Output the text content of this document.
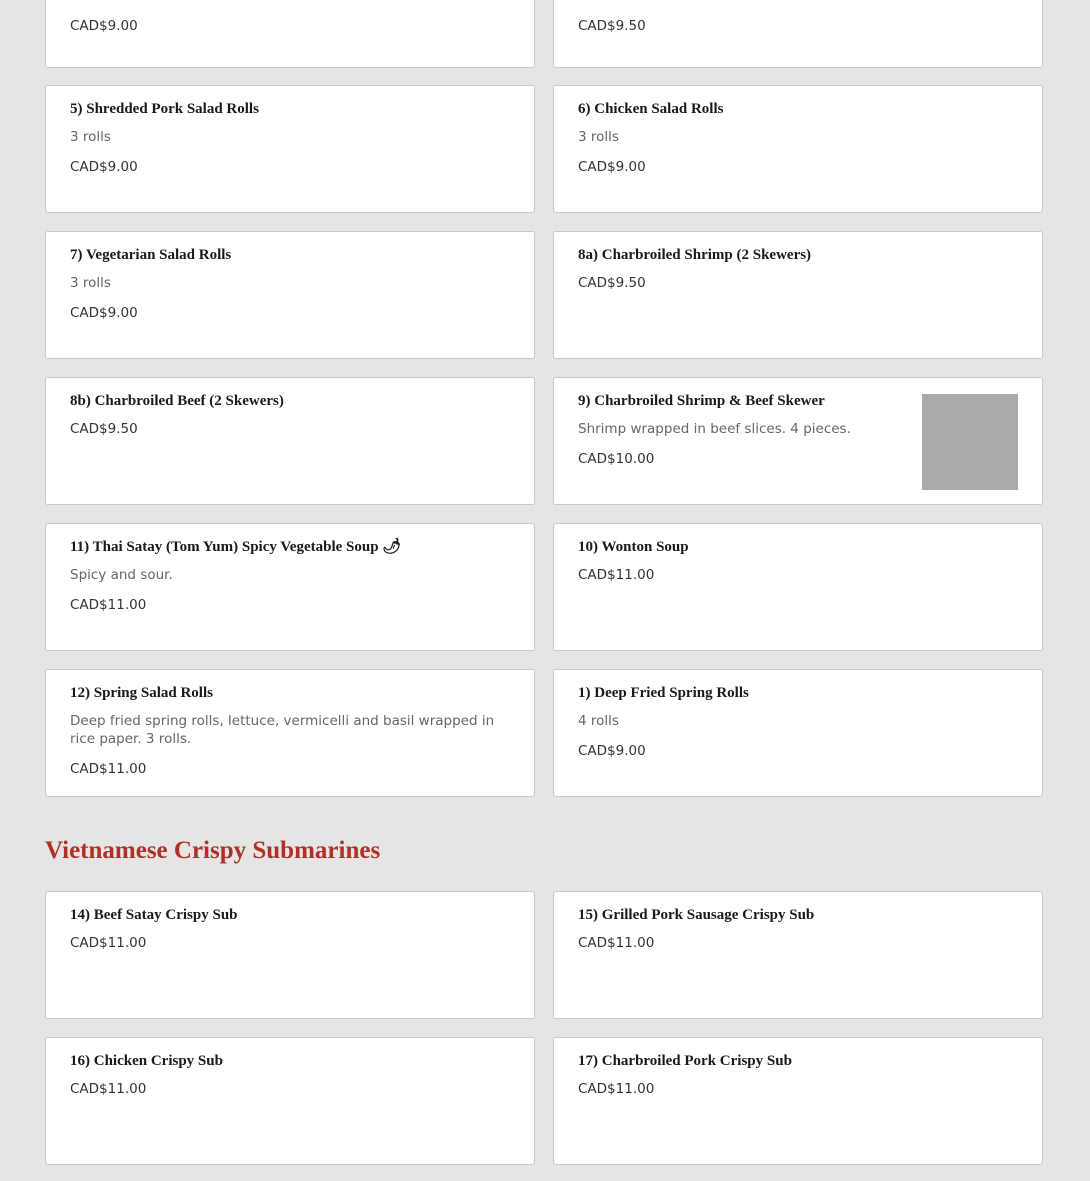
CAD$9.00	CAD$9.50
5) Shredded Pork Salad Rolls
3 rolls
CAD$9.00
6) Chicken Salad Rolls
3 rolls
CAD$9.00
7) Vegetarian Salad Rolls
3 rolls
CAD$9.00
8a) Charbroiled Shrimp (2 Skewers)
CAD$9.50
8b) Charbroiled Beef (2 Skewers)
CAD$9.50
9) Charbroiled Shrimp & Beef Skewer
Shrimp wrapped in beef slices. 4 pieces.
CAD$10.00
11) Thai Satay (Tom Yum) Spicy Vegetable Soup 🌶
Spicy and sour.
CAD$11.00
10) Wonton Soup
CAD$11.00
12) Spring Salad Rolls
Deep fried spring rolls, lettuce, vermicelli and basil wrapped in rice paper. 3 rolls.
CAD$11.00
1) Deep Fried Spring Rolls
4 rolls
CAD$9.00
Vietnamese Crispy Submarines
14) Beef Satay Crispy Sub
CAD$11.00
15) Grilled Pork Sausage Crispy Sub
CAD$11.00
16) Chicken Crispy Sub
CAD$11.00
17) Charbroiled Pork Crispy Sub
CAD$11.00
